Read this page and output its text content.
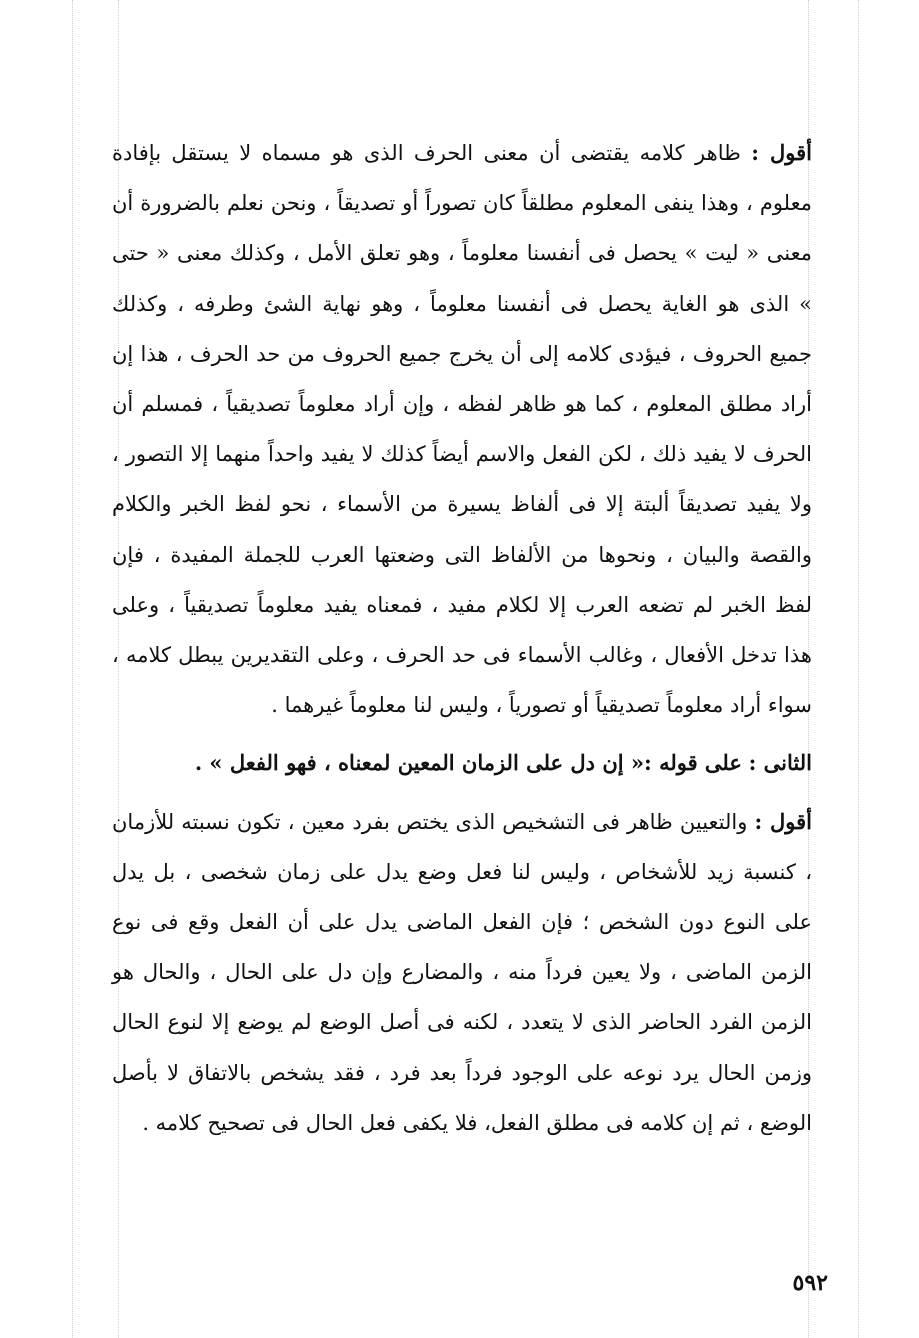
أقول : ظاهر كلامه يقتضى أن معنى الحرف الذى هو مسماه لا يستقل بإفادة معلوم ، وهذا ينفى المعلوم مطلقاً كان تصوراً أو تصديقاً ، ونحن نعلم بالضرورة أن معنى « ليت » يحصل فى أنفسنا معلوماً ، وهو تعلق الأمل ، وكذلك معنى « حتى » الذى هو الغاية يحصل فى أنفسنا معلوماً ، وهو نهاية الشئ وطرفه ، وكذلك جميع الحروف ، فيؤدى كلامه إلى أن يخرج جميع الحروف من حد الحرف ، هذا إن أراد مطلق المعلوم ، كما هو ظاهر لفظه ، وإن أراد معلوماً تصديقياً ، فمسلم أن الحرف لا يفيد ذلك ، لكن الفعل والاسم أيضاً كذلك لا يفيد واحداً منهما إلا التصور ، ولا يفيد تصديقاً ألبتة إلا فى ألفاظ يسيرة من الأسماء ، نحو لفظ الخبر والكلام والقصة والبيان ، ونحوها من الألفاظ التى وضعتها العرب للجملة المفيدة ، فإن لفظ الخبر لم تضعه العرب إلا لكلام مفيد ، فمعناه يفيد معلوماً تصديقياً ، وعلى هذا تدخل الأفعال ، وغالب الأسماء فى حد الحرف ، وعلى التقديرين يبطل كلامه ، سواء أراد معلوماً تصديقياً أو تصورياً ، وليس لنا معلوماً غيرهما .

الثانى : على قوله :« إن دل على الزمان المعين لمعناه ، فهو الفعل » .

أقول : والتعيين ظاهر فى التشخيص الذى يختص بفرد معين ، تكون نسبته للأزمان ، كنسبة زيد للأشخاص ، وليس لنا فعل وضع يدل على زمان شخصى ، بل يدل على النوع دون الشخص ؛ فإن الفعل الماضى يدل على أن الفعل وقع فى نوع الزمن الماضى ، ولا يعين فرداً منه ، والمضارع وإن دل على الحال ، والحال هو الزمن الفرد الحاضر الذى لا يتعدد ، لكنه فى أصل الوضع لم يوضع إلا لنوع الحال وزمن الحال يرد نوعه على الوجود فرداً بعد فرد ، فقد يشخص بالاتفاق لا بأصل الوضع ، ثم إن كلامه فى مطلق الفعل، فلا يكفى فعل الحال فى تصحيح كلامه .

٥٩٢
